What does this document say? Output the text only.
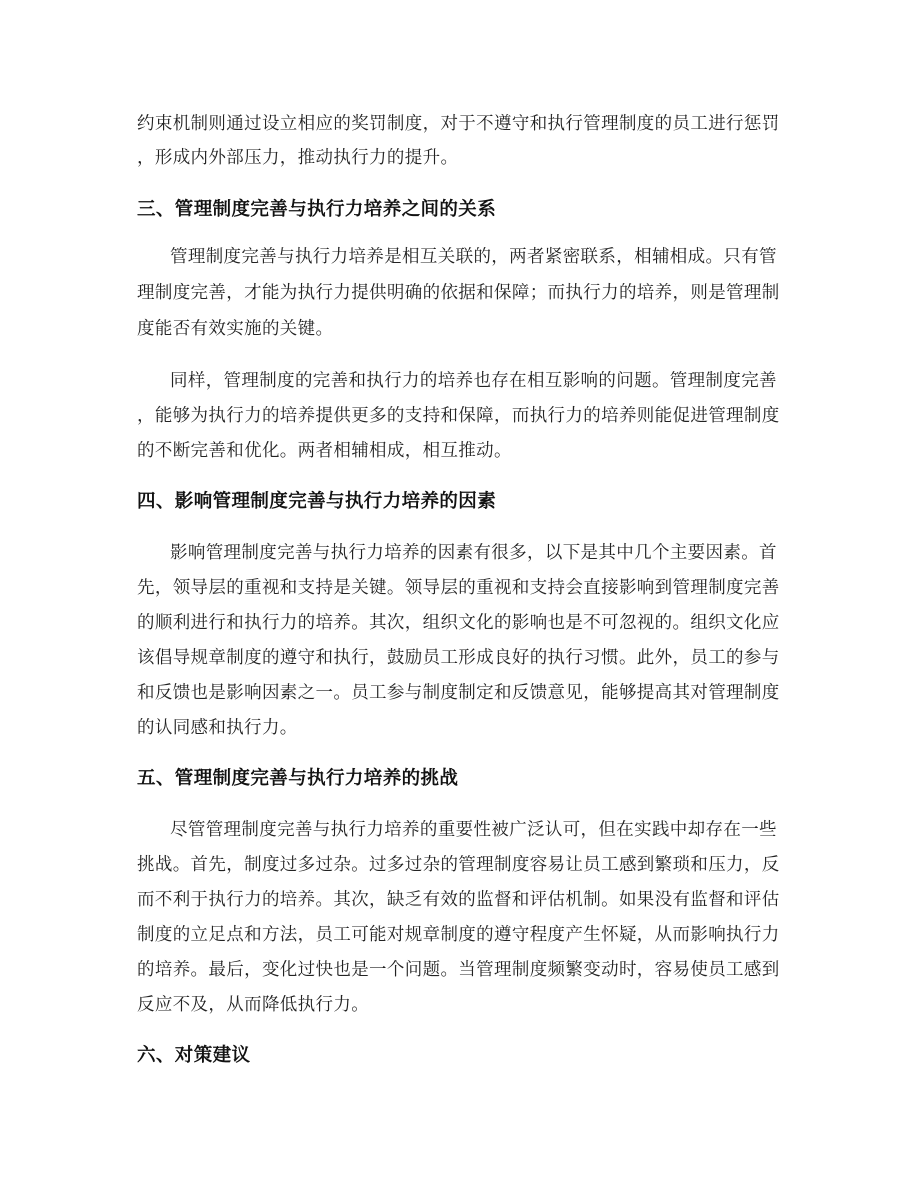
约束机制则通过设立相应的奖罚制度，对于不遵守和执行管理制度的员工进行惩罚
，形成内外部压力，推动执行力的提升。
三、管理制度完善与执行力培养之间的关系
管理制度完善与执行力培养是相互关联的，两者紧密联系，相辅相成。只有管
理制度完善，才能为执行力提供明确的依据和保障；而执行力的培养，则是管理制
度能否有效实施的关键。
同样，管理制度的完善和执行力的培养也存在相互影响的问题。管理制度完善
，能够为执行力的培养提供更多的支持和保障，而执行力的培养则能促进管理制度
的不断完善和优化。两者相辅相成，相互推动。
四、影响管理制度完善与执行力培养的因素
影响管理制度完善与执行力培养的因素有很多，以下是其中几个主要因素。首
先，领导层的重视和支持是关键。领导层的重视和支持会直接影响到管理制度完善
的顺利进行和执行力的培养。其次，组织文化的影响也是不可忽视的。组织文化应
该倡导规章制度的遵守和执行，鼓励员工形成良好的执行习惯。此外，员工的参与
和反馈也是影响因素之一。员工参与制度制定和反馈意见，能够提高其对管理制度
的认同感和执行力。
五、管理制度完善与执行力培养的挑战
尽管管理制度完善与执行力培养的重要性被广泛认可，但在实践中却存在一些
挑战。首先，制度过多过杂。过多过杂的管理制度容易让员工感到繁琐和压力，反
而不利于执行力的培养。其次，缺乏有效的监督和评估机制。如果没有监督和评估
制度的立足点和方法，员工可能对规章制度的遵守程度产生怀疑，从而影响执行力
的培养。最后，变化过快也是一个问题。当管理制度频繁变动时，容易使员工感到
反应不及，从而降低执行力。
六、对策建议
